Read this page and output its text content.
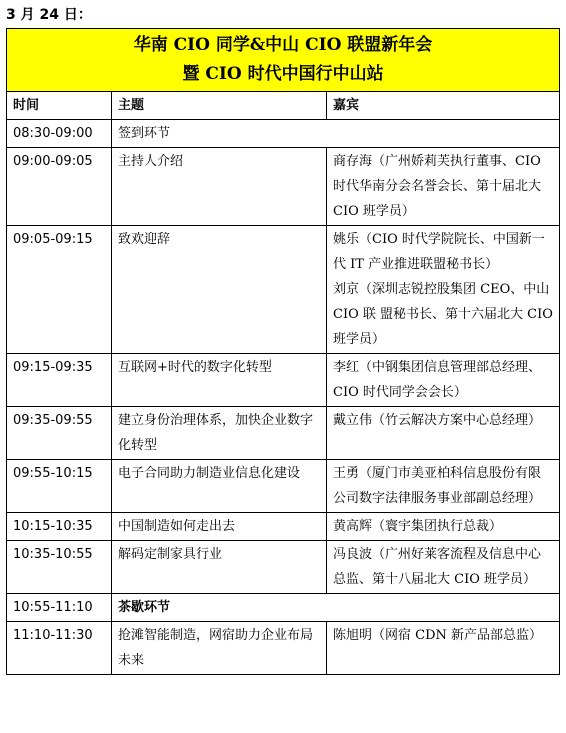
3 月 24 日：
华南 CIO 同学&中山 CIO 联盟新年会
暨 CIO 时代中国行中山站		

时间	主题	嘉宾
08:30-09:00	签到环节	
09:00-09:05	主持人介绍	商存海（广州娇莉芙执行董事、CIO 时代华南分会名誉会长、第十届北大 CIO 班学员）
09:05-09:15	致欢迎辞	姚乐（CIO 时代学院院长、中国新一代 IT 产业推进联盟秘书长）
刘京（深圳志锐控股集团 CEO、中山 CIO 联 盟秘书长、第十六届北大 CIO 班学员）

09:15-09:35	互联网+时代的数字化转型	李红（中钢集团信息管理部总经理、CIO 时代同学会会长）
09:35-09:55	建立身份治理体系，加快企业数字化转型	戴立伟（竹云解决方案中心总经理）
09:55-10:15	电子合同助力制造业信息化建设	王勇（厦门市美亚柏科信息股份有限公司数字法律服务事业部副总经理）
10:15-10:35	中国制造如何走出去	黄高辉（寰宇集团执行总裁）
10:35-10:55	解码定制家具行业	冯良波（广州好莱客流程及信息中心总监、第十八届北大 CIO 班学员）
10:55-11:10	茶歇环节	
11:10-11:30	抢滩智能制造，网宿助力企业布局未来	陈旭明（网宿 CDN 新产品部总监）
